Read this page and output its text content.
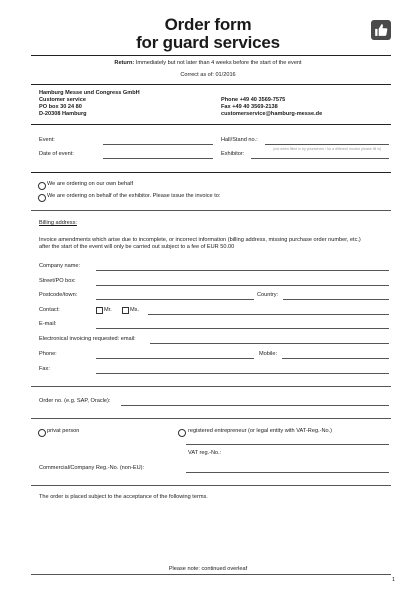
Order form
for guard services
Return: Immediately but not later than 4 weeks before the start of the event
Correct as of: 01/2016
Hamburg Messe und Congress GmbH
Customer service
PO box 30 24 80
D-20308 Hamburg
Phone +49 40 3569-7575
Fax +49 40 3569-2138
customerservice@hamburg-messe.de
Event:	Hall/Stand no.:
(not when filled in by yourselves / for a different invoice please fill in)
Date of event:	Exhibitor:
We are ordering on our own behalf
We are ordering on behalf of the exhibitor. Please issue the invoice to:
Billing address:
Invoice amendments which arise due to incomplete, or incorrect information (billing address, missing purchase order number, etc.)
after the start of the event will only be carried out subject to a fee of EUR 50.00
Company name:
Street/PO box:
Postcode/town:	Country:
Contact:	Mr.	Ms.
E-mail:
Electronical invoicing requested: email:
Phone:	Mobile:
Fax:
Order no. (e.g. SAP, Oracle):
privat person	registered entrepreneur (or legal entity with VAT-Reg.-No.)
VAT reg.-No.:
Commercial/Company Reg.-No. (non-EU):
The order is placed subject to the acceptance of the following terms.
Please note: continued overleaf
1
